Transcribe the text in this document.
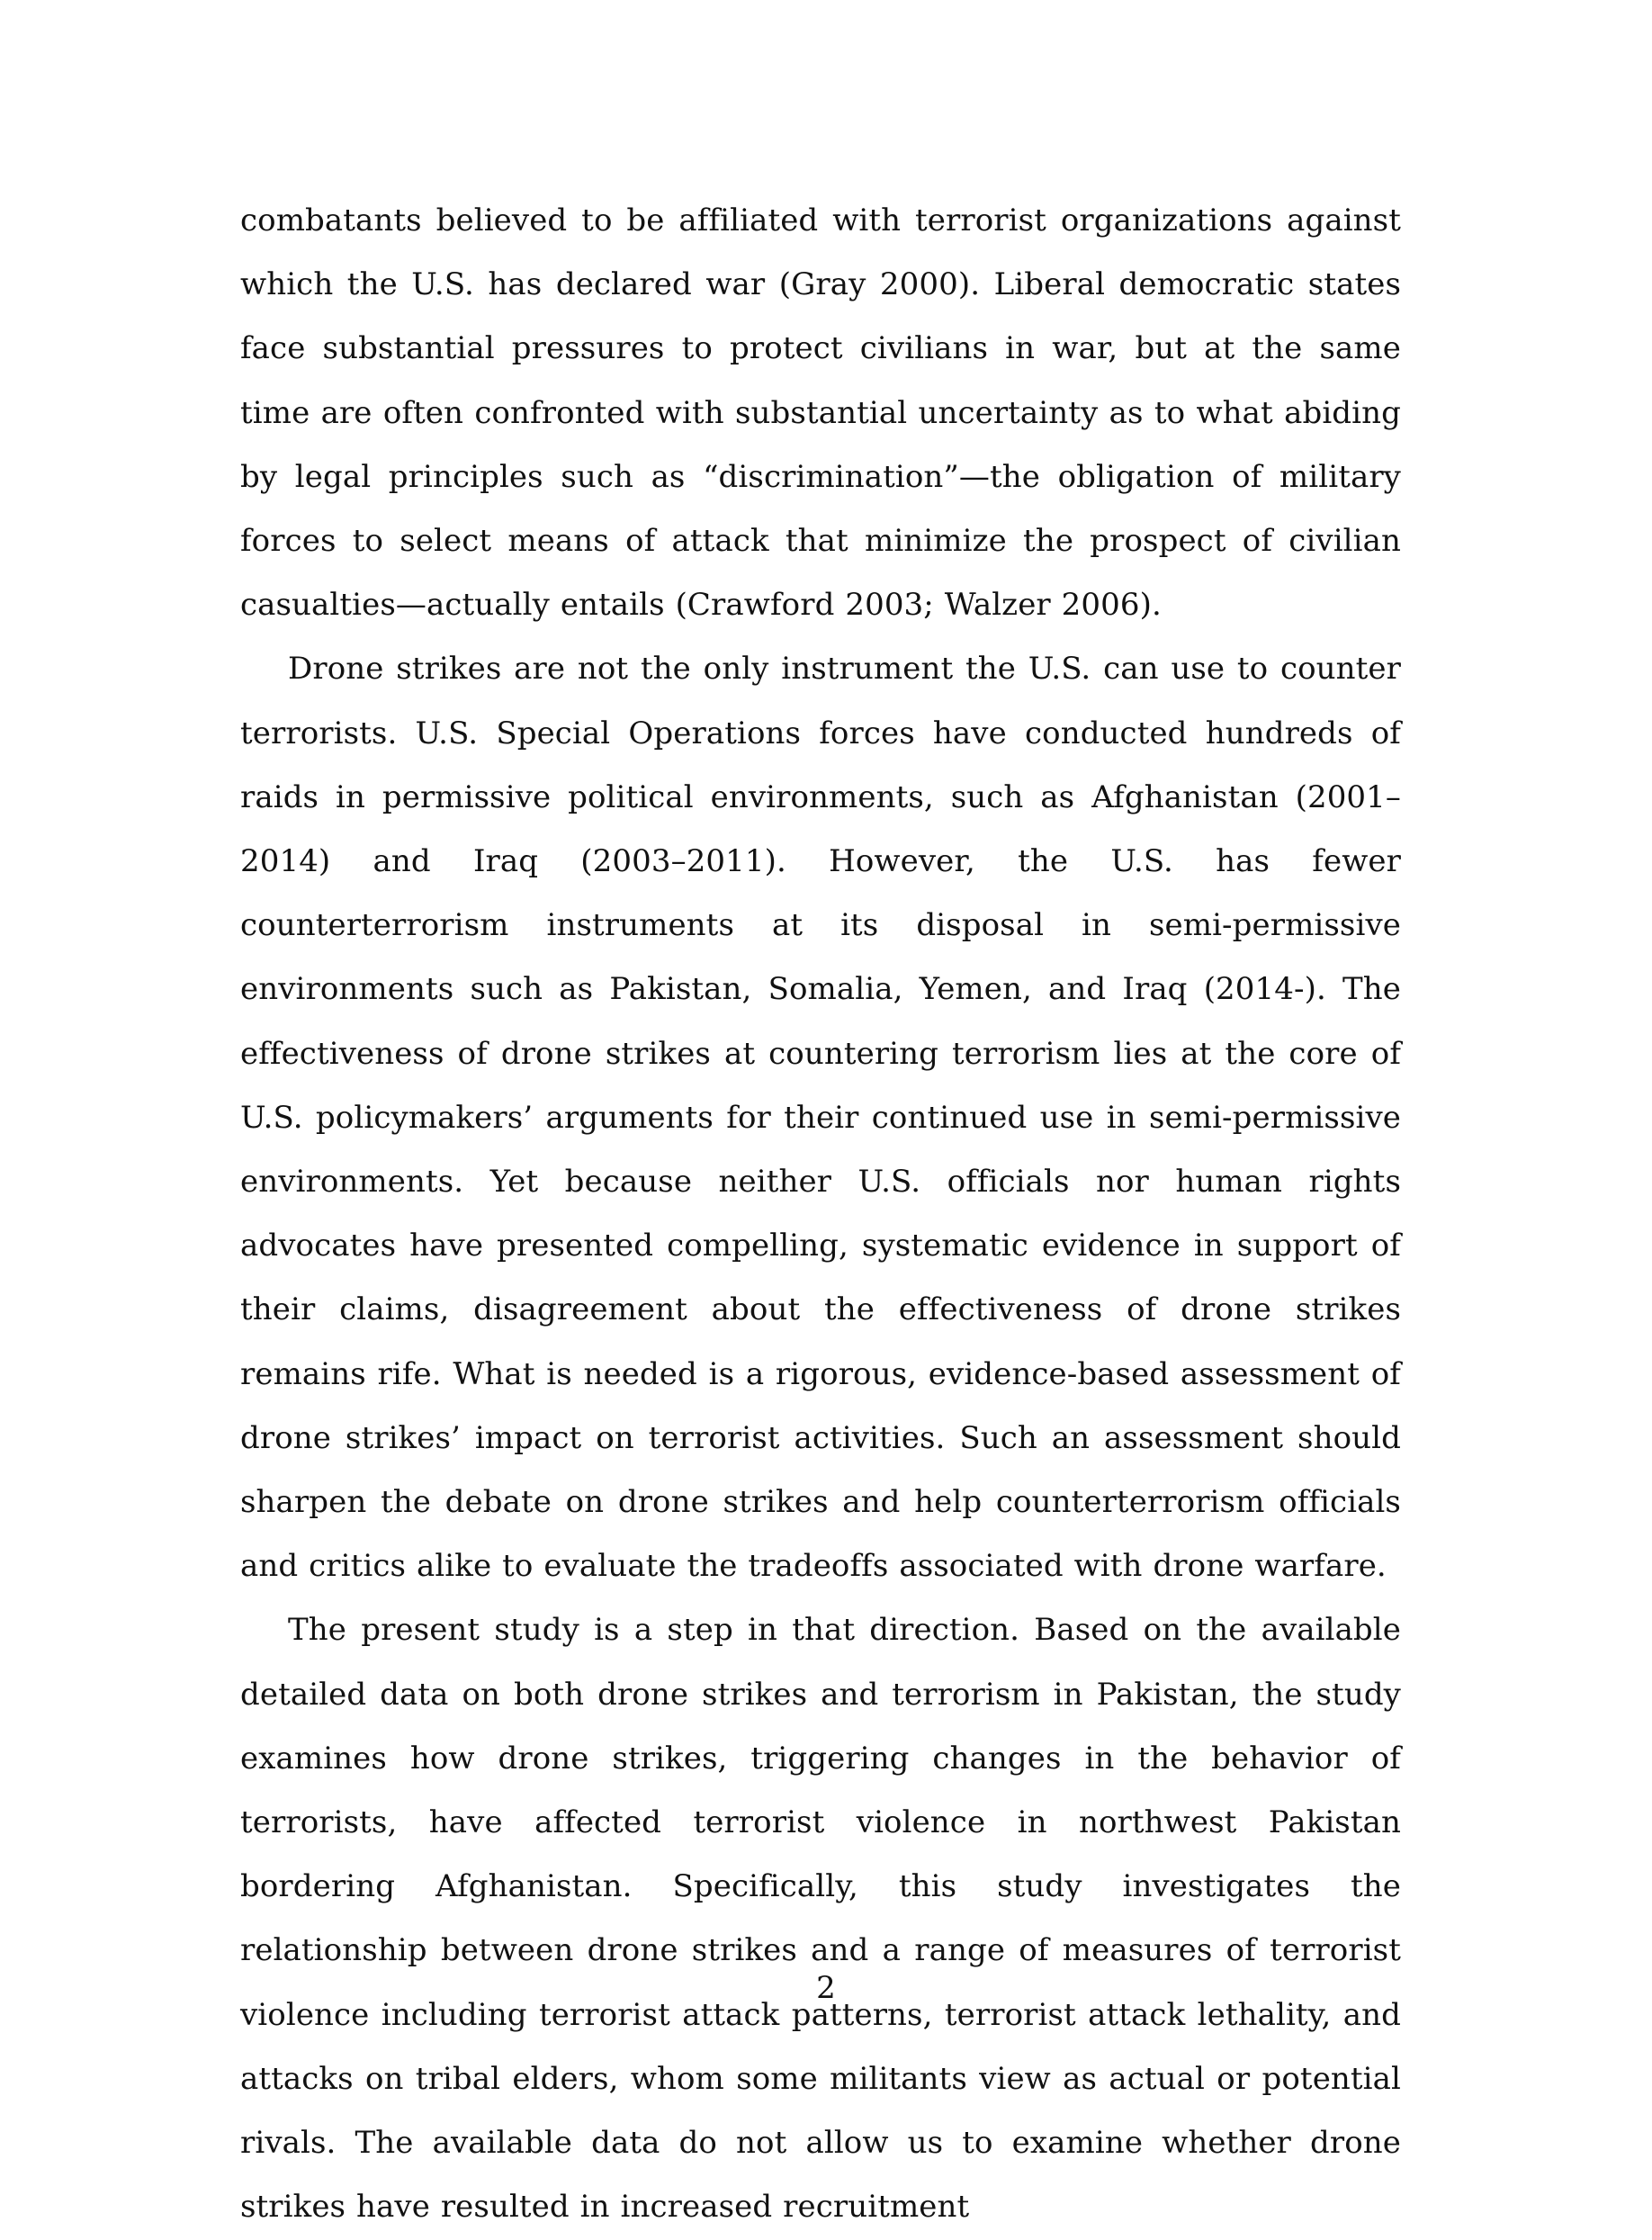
combatants believed to be affiliated with terrorist organizations against which the U.S. has declared war (Gray 2000). Liberal democratic states face substantial pressures to protect civilians in war, but at the same time are often confronted with substantial uncertainty as to what abiding by legal principles such as “discrimination”—the obligation of military forces to select means of attack that minimize the prospect of civilian casualties—actually entails (Crawford 2003; Walzer 2006).

Drone strikes are not the only instrument the U.S. can use to counter terrorists. U.S. Special Operations forces have conducted hundreds of raids in permissive political environments, such as Afghanistan (2001–2014) and Iraq (2003–2011). However, the U.S. has fewer counterterrorism instruments at its disposal in semi-permissive environments such as Pakistan, Somalia, Yemen, and Iraq (2014-). The effectiveness of drone strikes at countering terrorism lies at the core of U.S. policymakers’ arguments for their continued use in semi-permissive environments. Yet because neither U.S. officials nor human rights advocates have presented compelling, systematic evidence in support of their claims, disagreement about the effectiveness of drone strikes remains rife. What is needed is a rigorous, evidence-based assessment of drone strikes’ impact on terrorist activities. Such an assessment should sharpen the debate on drone strikes and help counterterrorism officials and critics alike to evaluate the tradeoffs associated with drone warfare.

The present study is a step in that direction. Based on the available detailed data on both drone strikes and terrorism in Pakistan, the study examines how drone strikes, triggering changes in the behavior of terrorists, have affected terrorist violence in northwest Pakistan bordering Afghanistan. Specifically, this study investigates the relationship between drone strikes and a range of measures of terrorist violence including terrorist attack patterns, terrorist attack lethality, and attacks on tribal elders, whom some militants view as actual or potential rivals. The available data do not allow us to examine whether drone strikes have resulted in increased recruitment

2
